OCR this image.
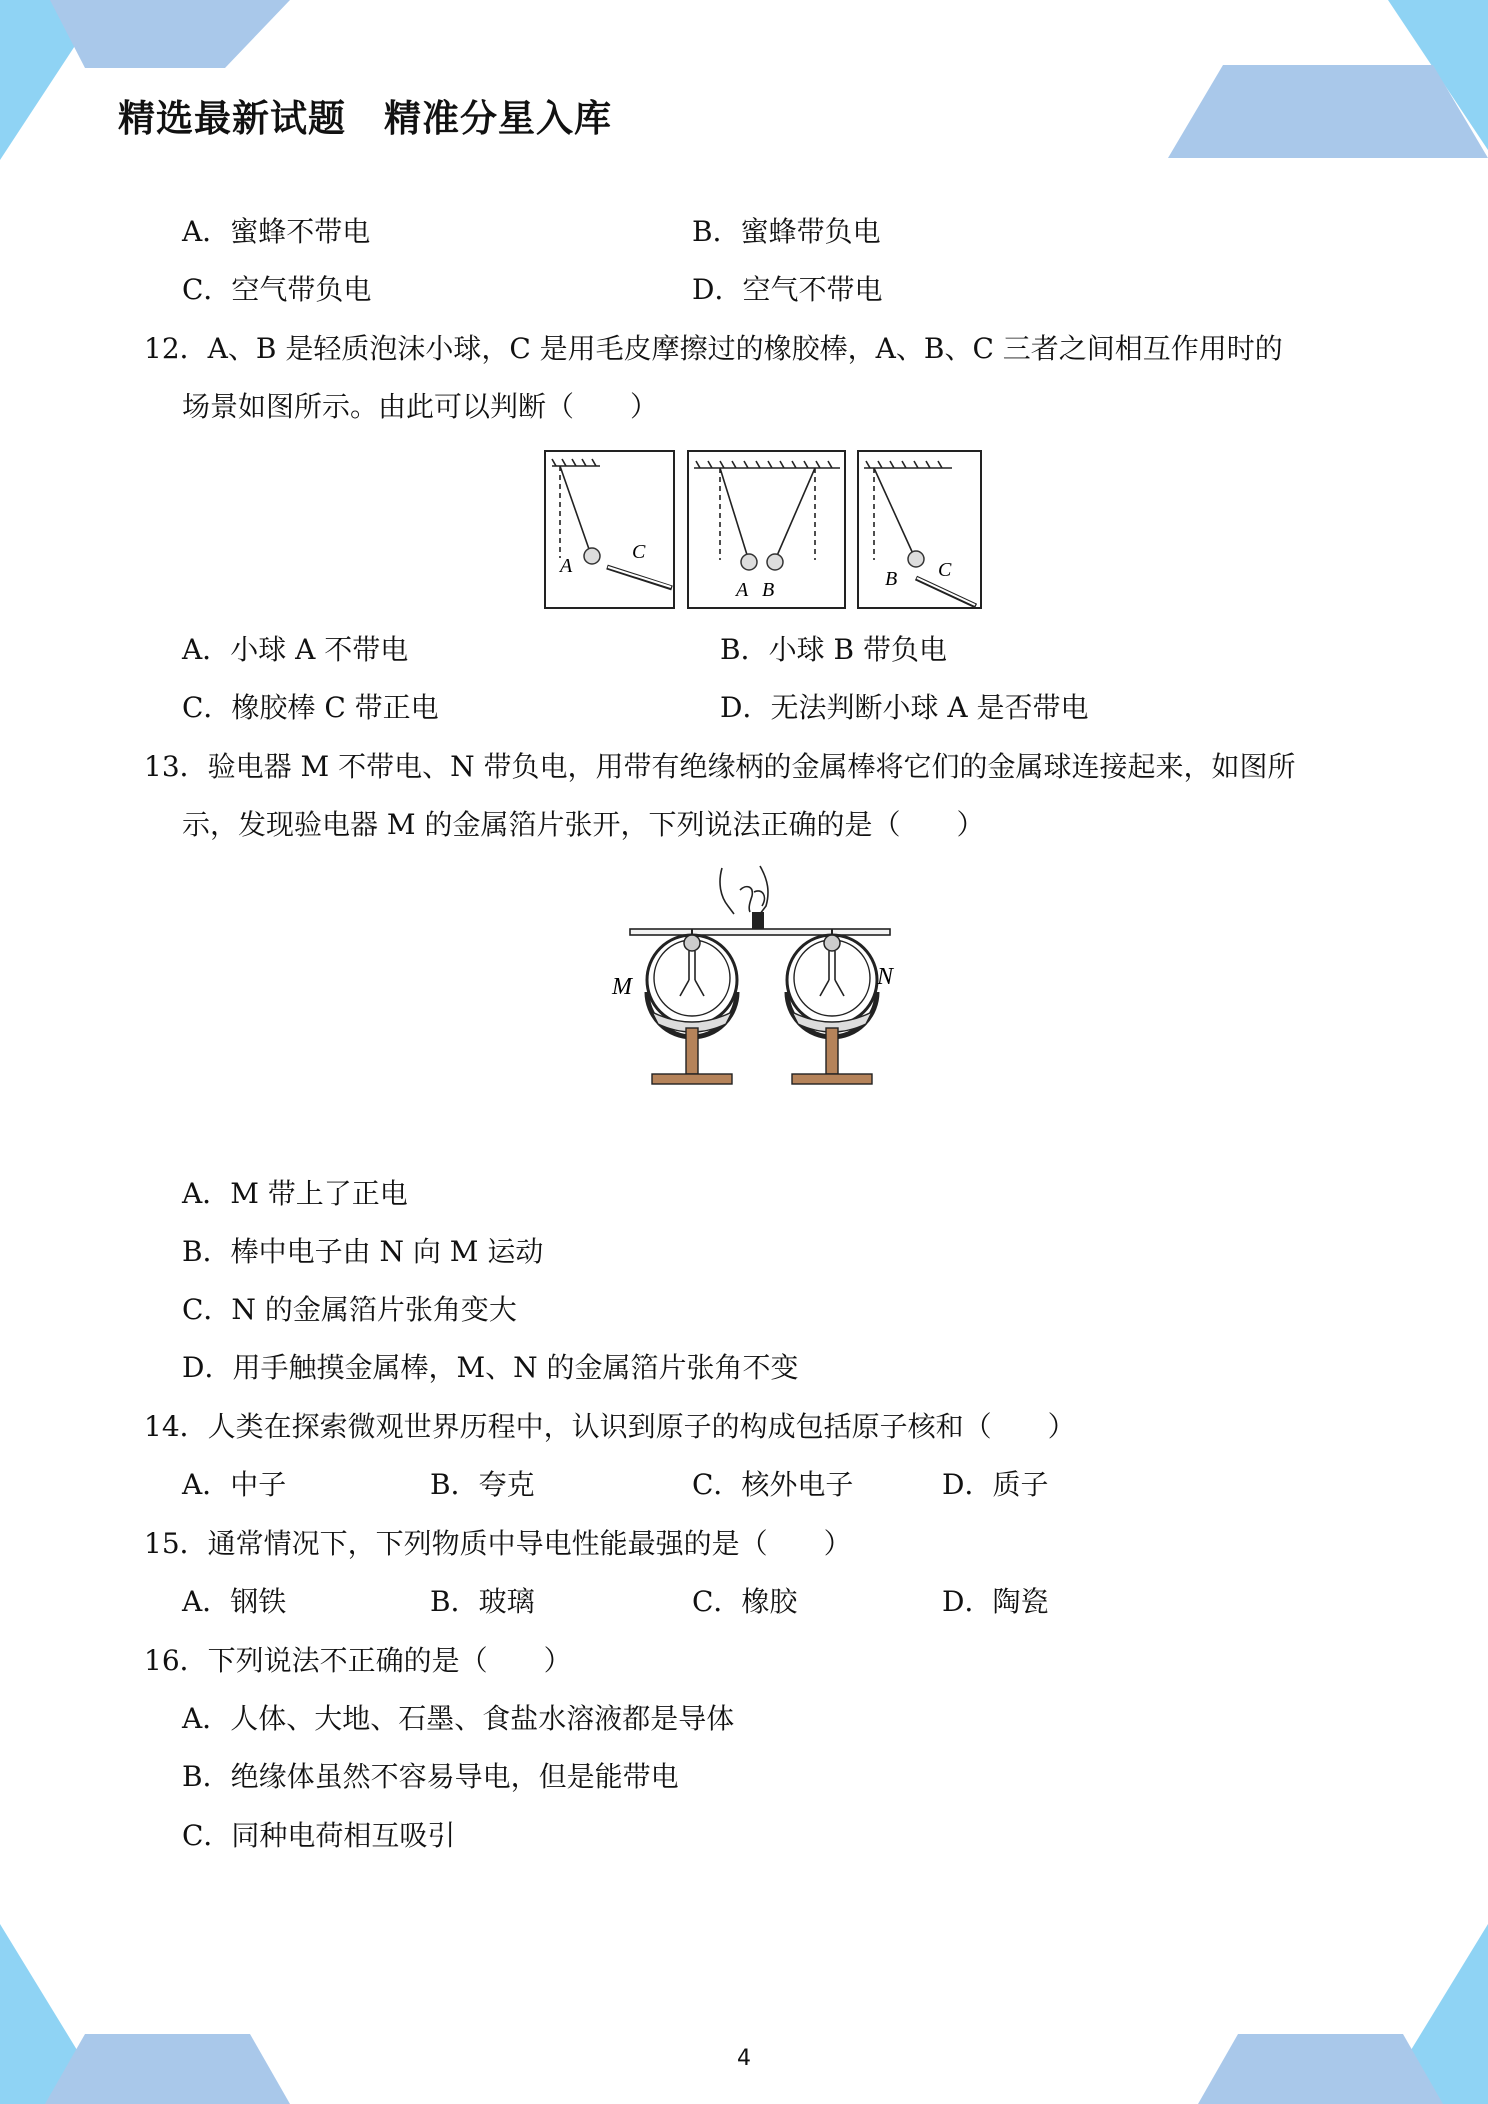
精选最新试题　精准分星入库
A．蜜蜂不带电	B．蜜蜂带负电
C．空气带负电	D．空气不带电
12．A、B 是轻质泡沫小球，C 是用毛皮摩擦过的橡胶棒，A、B、C 三者之间相互作用时的
场景如图所示。由此可以判断（　　）
A
C
A B	B C
A．小球 A 不带电	B．小球 B 带负电
C．橡胶棒 C 带正电	D．无法判断小球 A 是否带电
13．验电器 M 不带电、N 带负电，用带有绝缘柄的金属棒将它们的金属球连接起来，如图所
示，发现验电器 M 的金属箔片张开，下列说法正确的是（　　）
M	N
A．M 带上了正电
B．棒中电子由 N 向 M 运动
C．N 的金属箔片张角变大
D．用手触摸金属棒，M、N 的金属箔片张角不变
14．人类在探索微观世界历程中，认识到原子的构成包括原子核和（　　）
A．中子	B．夸克	C．核外电子	D．质子
15．通常情况下，下列物质中导电性能最强的是（　　）
A．钢铁	B．玻璃	C．橡胶	D．陶瓷
16．下列说法不正确的是（　　）
A．人体、大地、石墨、食盐水溶液都是导体
B．绝缘体虽然不容易导电，但是能带电
C．同种电荷相互吸引
4
